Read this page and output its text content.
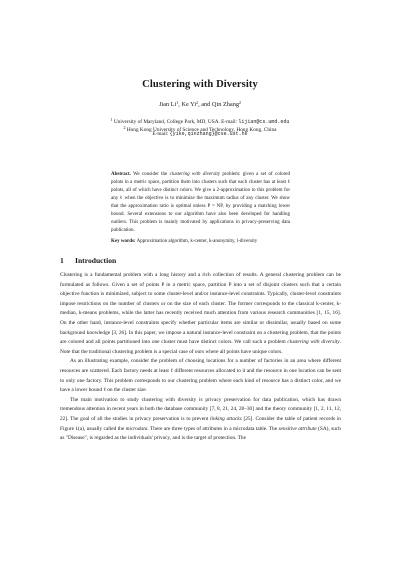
Clustering with Diversity
Jian Li$^1$, Ke Yi$^2$, and Qin Zhang$^2$
$^1$ University of Maryland, College Park, MD, USA. E-mail: lijian@cs.umd.edu
$^2$ Hong Kong University of Science and Technology, Hong Kong, China
E-mail: {yike,qinzhang}@cse.ust.hk
Abstract. We consider the clustering with diversity problem: given a set of colored points in a metric space, partition them into clusters such that each cluster has at least ℓ points, all of which have distinct colors. We give a 2-approximation to this problem for any ℓ when the objective is to minimize the maximum radius of any cluster. We show that the approximation ratio is optimal unless P = NP, by providing a matching lower bound. Several extensions to our algorithm have also been developed for handling outliers. This problem is mainly motivated by applications in privacy-preserving data publication.
Key words: Approximation algorithm, k-center, k-anonymity, l-diversity
1 Introduction

Clustering is a fundamental problem with a long history and a rich collection of results. A general clustering problem can be formulated as follows. Given a set of points P in a metric space, partition P into a set of disjoint clusters such that a certain objective function is minimized, subject to some cluster-level and/or instance-level constraints. Typically, cluster-level constraints impose restrictions on the number of clusters or on the size of each cluster. The former corresponds to the classical k-center, k-median, k-means problems, while the latter has recently received much attention from various research communities [1, 15, 16]. On the other hand, instance-level constraints specify whether particular items are similar or dissimilar, usually based on some background knowledge [3, 26]. In this paper, we impose a natural instance-level constraint on a clustering problem, that the points are colored and all points partitioned into one cluster must have distinct colors. We call such a problem clustering with diversity. Note that the traditional clustering problem is a special case of ours where all points have unique colors.

As an illustrating example, consider the problem of choosing locations for a number of factories in an area where different resources are scattered. Each factory needs at least ℓ different resources allocated to it and the resource in one location can be sent to only one factory. This problem corresponds to our clustering problem where each kind of resource has a distinct color, and we have a lower bound ℓ on the cluster size.

The main motivation to study clustering with diversity is privacy preservation for data publication, which has drawn tremendous attention in recent years in both the database community [7, 8, 21, 24, 28–30] and the theory community [1, 2, 11, 12, 22]. The goal of all the studies in privacy preservation is to prevent linking attacks [25]. Consider the table of patient records in Figure 1(a), usually called the microdata. There are three types of attributes in a microdata table. The sensitive attribute (SA), such as "Disease", is regarded as the individuals' privacy, and is the target of protection. The
